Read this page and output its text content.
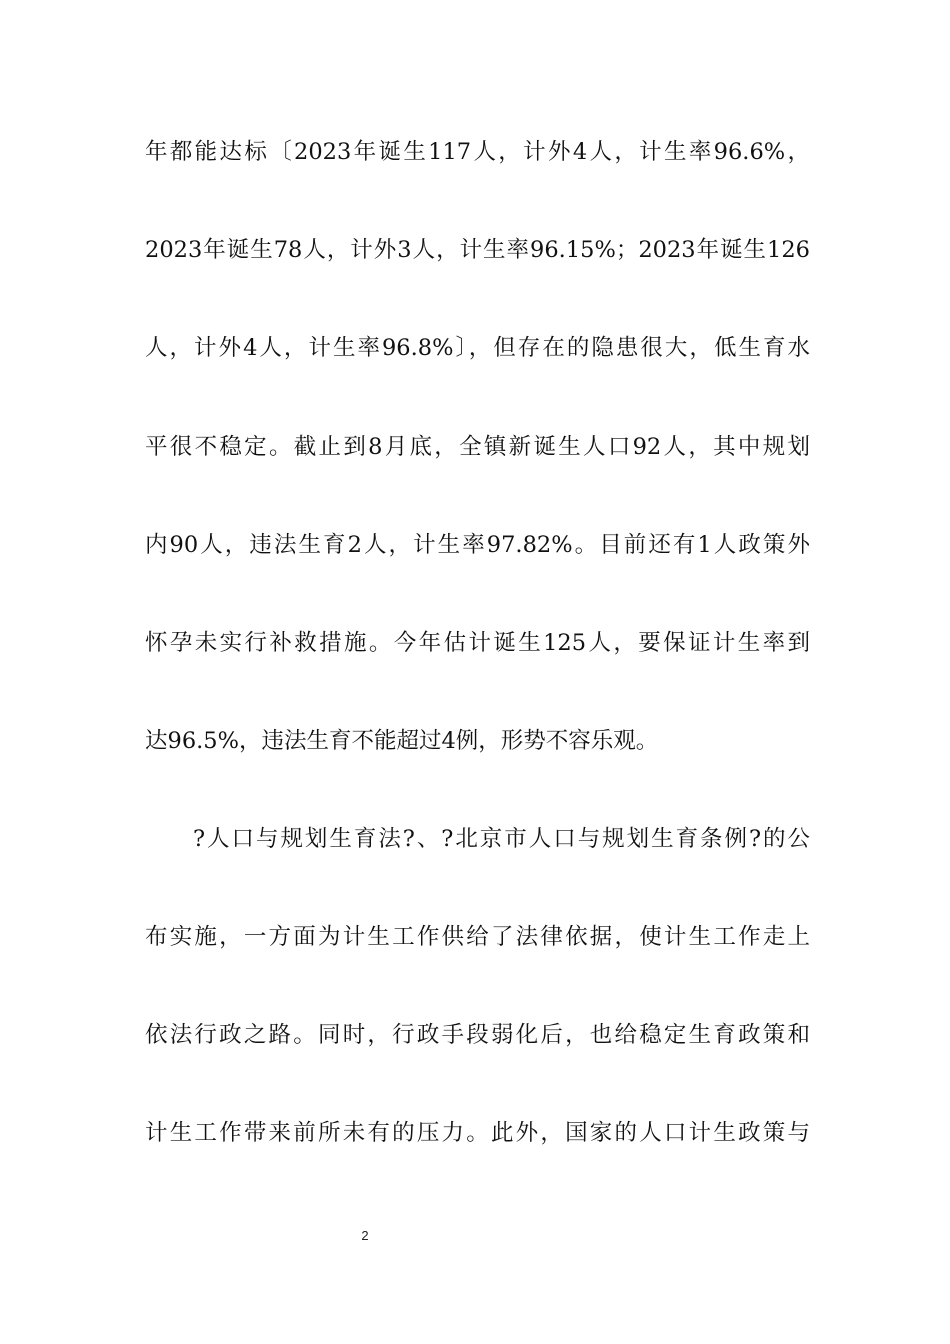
年都能达标〔2023年诞生117人，计外4人，计生率96.6%，
2023年诞生78人，计外3人，计生率96.15%；2023年诞生126
人，计外4人，计生率96.8%〕，但存在的隐患很大，低生育水
平很不稳定。截止到8月底，全镇新诞生人口92人，其中规划
内90人，违法生育2人，计生率97.82%。目前还有1人政策外
怀孕未实行补救措施。今年估计诞生125人，要保证计生率到
达96.5%，违法生育不能超过4例，形势不容乐观。
?人口与规划生育法?、?北京市人口与规划生育条例?的公
布实施，一方面为计生工作供给了法律依据，使计生工作走上
依法行政之路。同时，行政手段弱化后，也给稳定生育政策和
计生工作带来前所未有的压力。此外，国家的人口计生政策与
2
